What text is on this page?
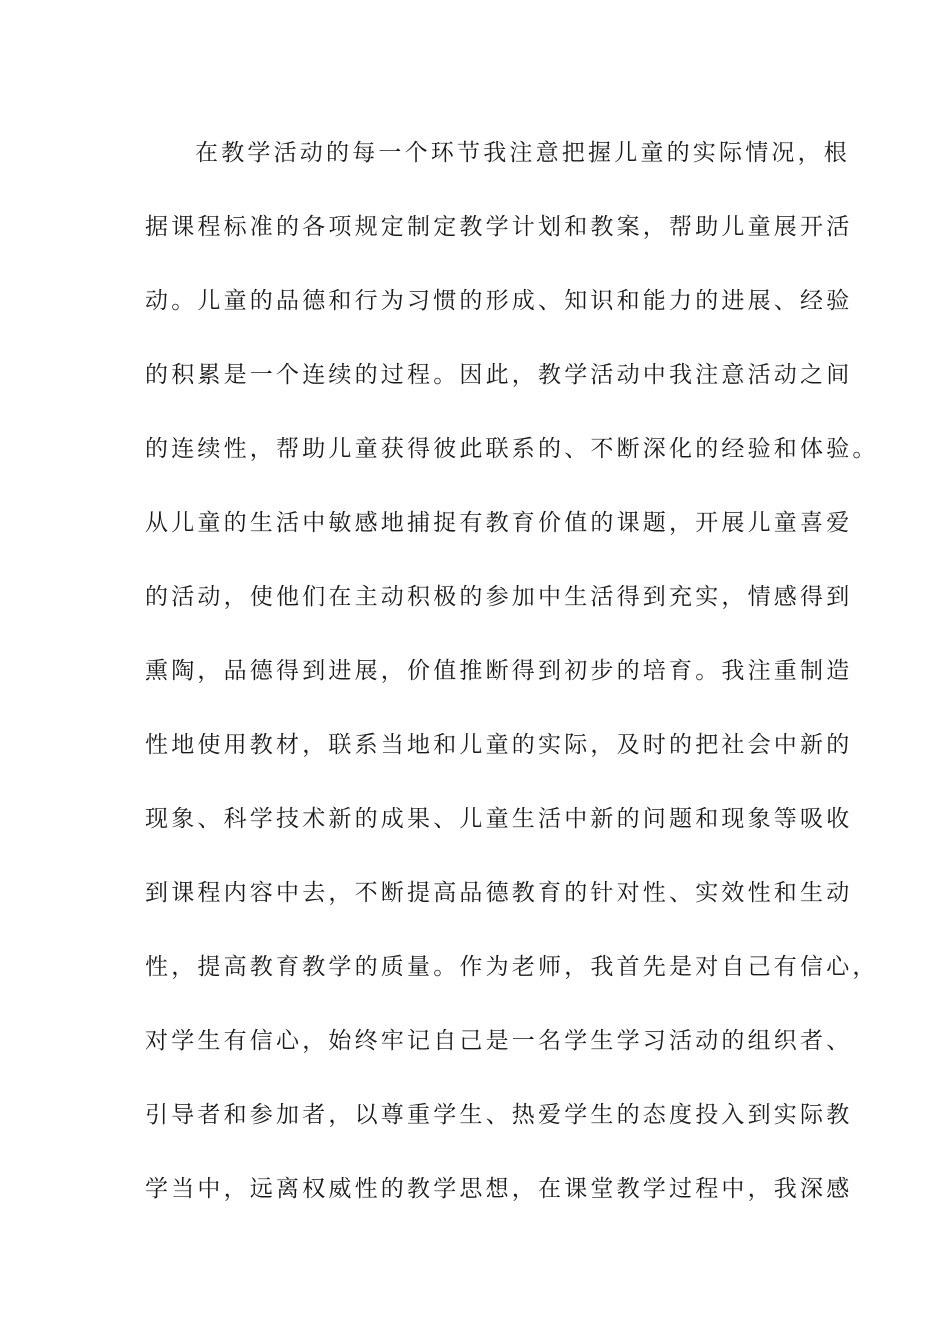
在教学活动的每一个环节我注意把握儿童的实际情况，根
据课程标准的各项规定制定教学计划和教案，帮助儿童展开活
动。儿童的品德和行为习惯的形成、知识和能力的进展、经验
的积累是一个连续的过程。因此，教学活动中我注意活动之间
的连续性，帮助儿童获得彼此联系的、不断深化的经验和体验。
从儿童的生活中敏感地捕捉有教育价值的课题，开展儿童喜爱
的活动，使他们在主动积极的参加中生活得到充实，情感得到
熏陶，品德得到进展，价值推断得到初步的培育。我注重制造
性地使用教材，联系当地和儿童的实际，及时的把社会中新的
现象、科学技术新的成果、儿童生活中新的问题和现象等吸收
到课程内容中去，不断提高品德教育的针对性、实效性和生动
性，提高教育教学的质量。作为老师，我首先是对自己有信心，
对学生有信心，始终牢记自己是一名学生学习活动的组织者、
引导者和参加者，以尊重学生、热爱学生的态度投入到实际教
学当中，远离权威性的教学思想，在课堂教学过程中，我深感
